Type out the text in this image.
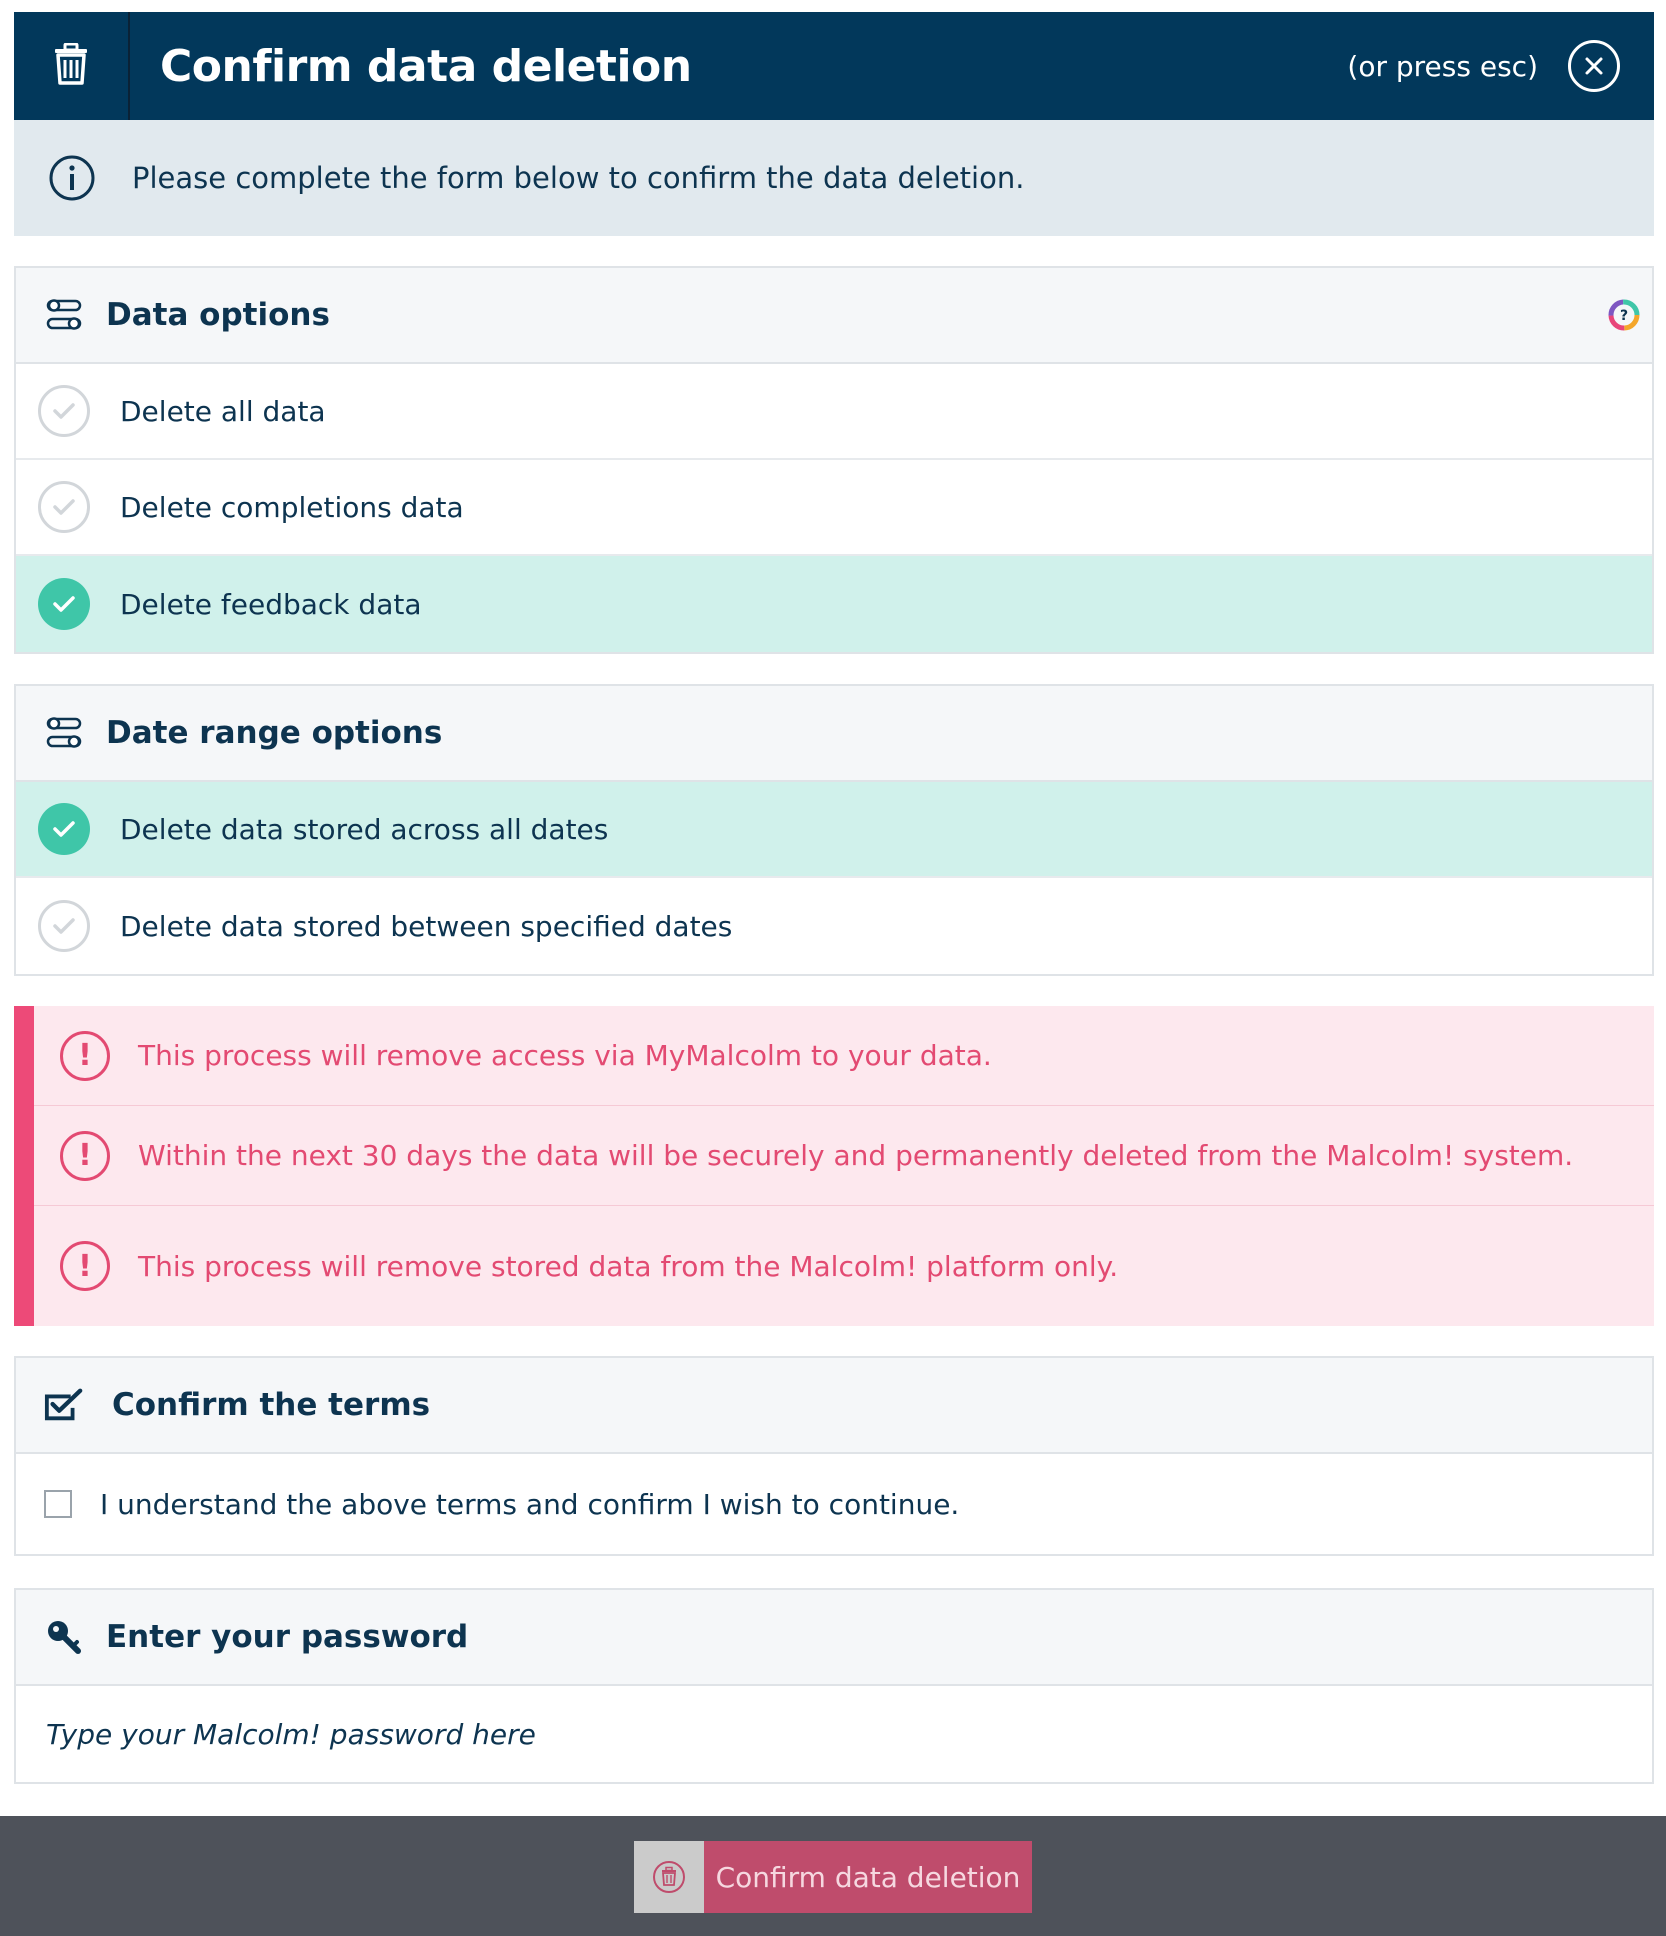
Confirm data deletion	(or press esc)
Please complete the form below to confirm the data deletion.
Data options	?
Delete all data
Delete completions data
Delete feedback data
Date range options
Delete data stored across all dates
Delete data stored between specified dates
!	This process will remove access via MyMalcolm to your data.
!	Within the next 30 days the data will be securely and permanently deleted from the Malcolm! system.
!	This process will remove stored data from the Malcolm! platform only.
Confirm the terms
I understand the above terms and confirm I wish to continue.
Enter your password
Confirm data deletion
